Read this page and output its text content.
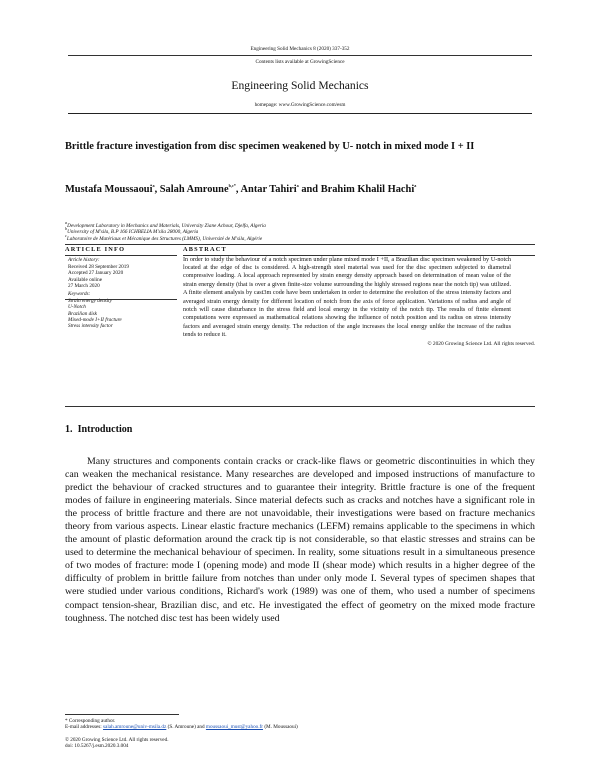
Engineering Solid Mechanics 8 (2020) 337-352
Contents lists available at GrowingScience
Engineering Solid Mechanics
homepage: www.GrowingScience.com/esm
Brittle fracture investigation from disc specimen weakened by U- notch in mixed mode I + II
Mustafa Moussaoui$^a$, Salah Amroune$^{b,c*}$, Antar Tahiri$^a$ and Brahim Khalil Hachi$^a$
$^a$Development Laboratory in Mechanics and Materials, University Ziane Achour, Djelfa, Algeria
$^b$University of M'sila, B.P 166 ICHBELIA M'sila 28000, Algeria
$^c$Laboratoire de Matériaux et Mécanique des Structures (LMMS), Université de M'sila, Algérie
ARTICLE INFO
Article history:
Received 28 September 2019
Accepted 27 January 2020
Available online
27 March 2020
Keywords:
Strain energy density
U-Notch
Brazilian disk
Mixed-mode I+II fracture
Stress intensity factor
ABSTRACT
In order to study the behaviour of a notch specimen under plane mixed mode I +II, a Brazilian disc specimen weakened by U-notch located at the edge of disc is considered. A high-strength steel material was used for the disc specimen subjected to diametral compressive loading. A local approach represented by strain energy density approach based on determination of mean value of the strain energy density (that is over a given finite-size volume surrounding the highly stressed regions near the notch tip) was utilized. A finite element analysis by cast3m code have been undertaken in order to determine the evolution of the stress intensity factors and averaged strain energy density for different location of notch from the axis of force application. Variations of radius and angle of notch will cause disturbance in the stress field and local energy in the vicinity of the notch tip. The results of finite element computations were expressed as mathematical relations showing the influence of notch position and its radius on stress intensity factors and averaged strain energy density. The reduction of the angle increases the local energy unlike the increase of the radius tends to reduce it.
© 2020 Growing Science Ltd. All rights reserved.
1. Introduction

Many structures and components contain cracks or crack-like flaws or geometric discontinuities in which they can weaken the mechanical resistance. Many researches are developed and imposed instructions of manufacture to predict the behaviour of cracked structures and to guarantee their integrity. Brittle fracture is one of the frequent modes of failure in engineering materials. Since material defects such as cracks and notches have a significant role in the process of brittle fracture and there are not unavoidable, their investigations were based on fracture mechanics theory from various aspects. Linear elastic fracture mechanics (LEFM) remains applicable to the specimens in which the amount of plastic deformation around the crack tip is not considerable, so that elastic stresses and strains can be used to determine the mechanical behaviour of specimen. In reality, some situations result in a simultaneous presence of two modes of fracture: mode I (opening mode) and mode II (shear mode) which results in a higher degree of the difficulty of problem in brittle failure from notches than under only mode I. Several types of specimen shapes that were studied under various conditions, Richard's work (1989) was one of them, who used a number of specimens compact tension-shear, Brazilian disc, and etc. He investigated the effect of geometry on the mixed mode fracture toughness. The notched disc test has been widely used

* Corresponding author.
E-mail addresses: salah.amroune@univ-msila.dz (S. Amroune) and moussaoui_must@yahoo.fr (M. Moussaoui)
© 2020 Growing Science Ltd. All rights reserved.
doi: 10.5267/j.esm.2020.3.004
